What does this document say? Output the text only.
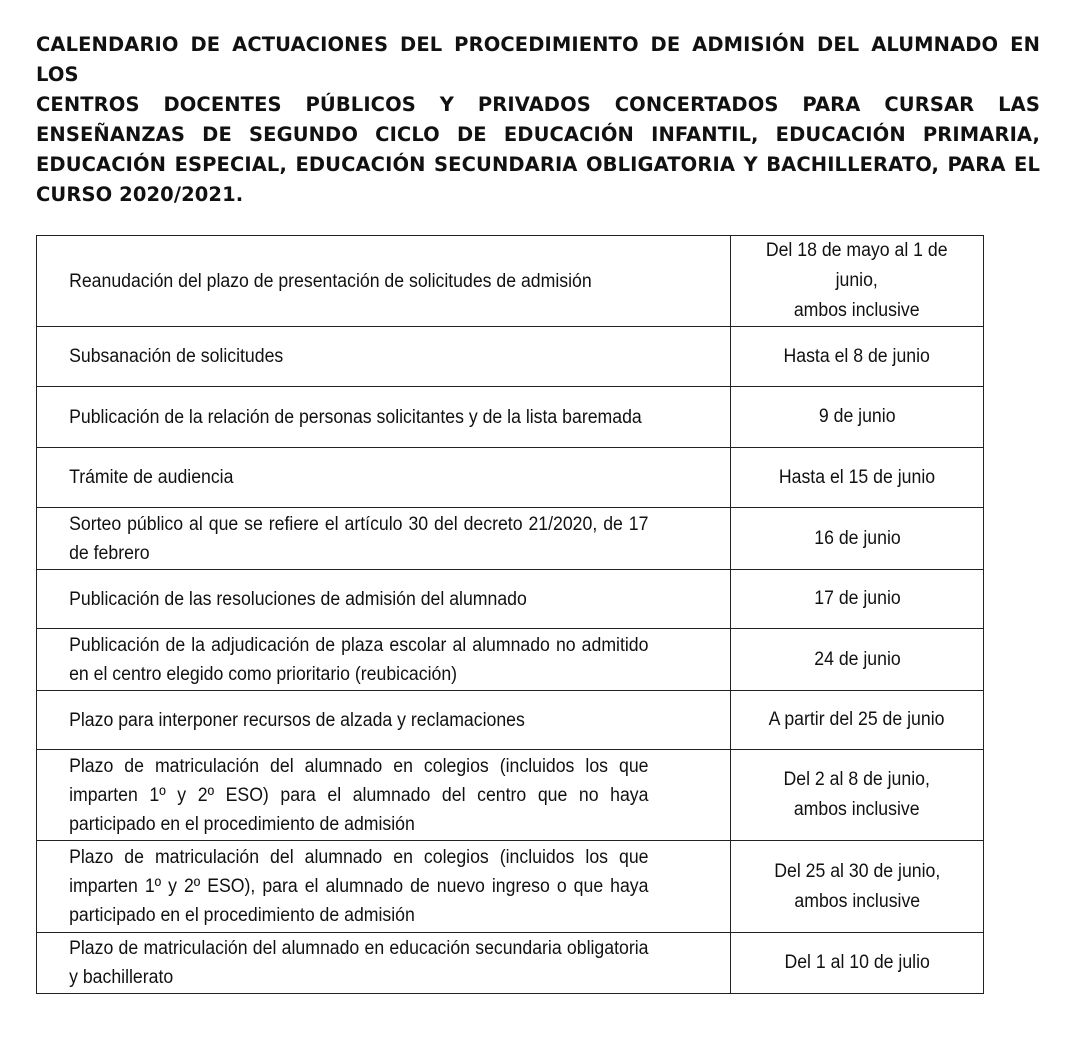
CALENDARIO DE ACTUACIONES DEL PROCEDIMIENTO DE ADMISIÓN DEL ALUMNADO EN LOS
CENTROS DOCENTES PÚBLICOS Y PRIVADOS CONCERTADOS PARA CURSAR LAS
ENSEÑANZAS DE SEGUNDO CICLO DE EDUCACIÓN INFANTIL, EDUCACIÓN PRIMARIA,
EDUCACIÓN ESPECIAL, EDUCACIÓN SECUNDARIA OBLIGATORIA Y BACHILLERATO, PARA EL
CURSO 2020/2021.
Reanudación del plazo de presentación de solicitudes de admisión	Del 18 de mayo al 1 de
junio,
ambos inclusive

Subsanación de solicitudes	Hasta el 8 de junio

Publicación de la relación de personas solicitantes y de la lista baremada	9 de junio

Trámite de audiencia	Hasta el 15 de junio

Sorteo público al que se refiere el artículo 30 del decreto 21/2020, de 17 de febrero	16 de junio

Publicación de las resoluciones de admisión del alumnado	17 de junio

Publicación de la adjudicación de plaza escolar al alumnado no admitido en el centro elegido como prioritario (reubicación)	24 de junio

Plazo para interponer recursos de alzada y reclamaciones	A partir del 25 de junio

Plazo de matriculación del alumnado en colegios (incluidos los que imparten 1º y 2º ESO) para el alumnado del centro que no haya participado en el procedimiento de admisión	Del 2 al 8 de junio,
ambos inclusive

Plazo de matriculación del alumnado en colegios (incluidos los que imparten 1º y 2º ESO), para el alumnado de nuevo ingreso o que haya participado en el procedimiento de admisión	Del 25 al 30 de junio,
ambos inclusive

Plazo de matriculación del alumnado en educación secundaria obligatoria y bachillerato	Del 1 al 10 de julio
